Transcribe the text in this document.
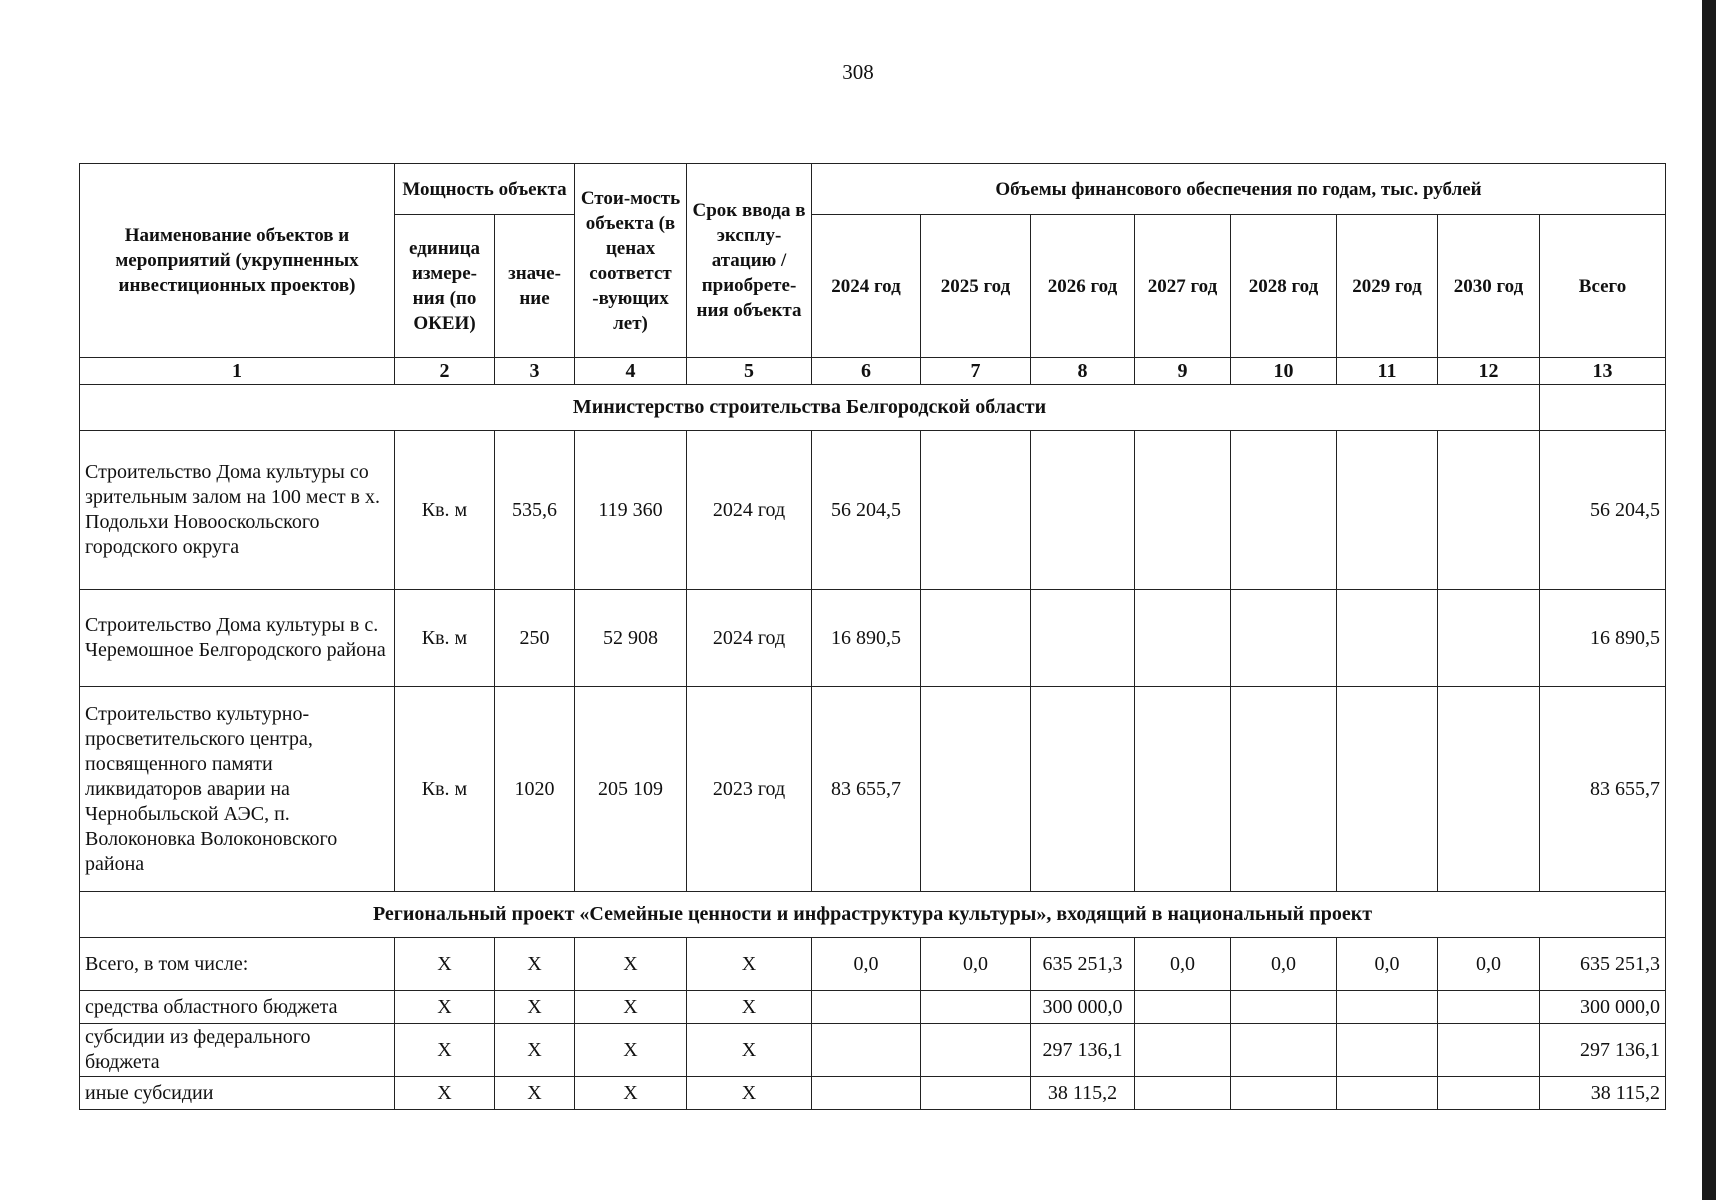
308
Наименование объектов и мероприятий (укрупненных инвестиционных проектов)	Мощность объекта		Стои-мость объекта (в ценах соответст -вующих лет)	Срок ввода в эксплу-атацию / приобрете-ния объекта	Объемы финансового обеспечения по годам, тыс. рублей							
	единица измере-ния (по ОКЕИ)	значе-ние			2024 год	2025 год	2026 год	2027 год	2028 год	2029 год	2030 год	Всего
1	2	3	4	5	6	7	8	9	10	11	12	13
Министерство строительства Белгородской области												
Строительство Дома культуры со зрительным залом на 100 мест в х. Подольхи Новооскольского городского округа	Кв. м	535,6	119 360	2024 год	56 204,5							56 204,5
Строительство Дома культуры в с. Черемошное Белгородского района	Кв. м	250	52 908	2024 год	16 890,5							16 890,5
Строительство культурно-просветительского центра, посвященного памяти ликвидаторов аварии на Чернобыльской АЭС, п. Волоконовка Волоконовского района	Кв. м	1020	205 109	2023 год	83 655,7							83 655,7
Региональный проект «Семейные ценности и инфраструктура культуры», входящий в национальный проект												
Всего, в том числе:	Х	Х	Х	Х	0,0	0,0	635 251,3	0,0	0,0	0,0	0,0	635 251,3
средства областного бюджета	Х	Х	Х	Х			300 000,0					300 000,0
субсидии из федерального бюджета	Х	Х	Х	Х			297 136,1					297 136,1
иные субсидии	Х	Х	Х	Х			38 115,2					38 115,2
